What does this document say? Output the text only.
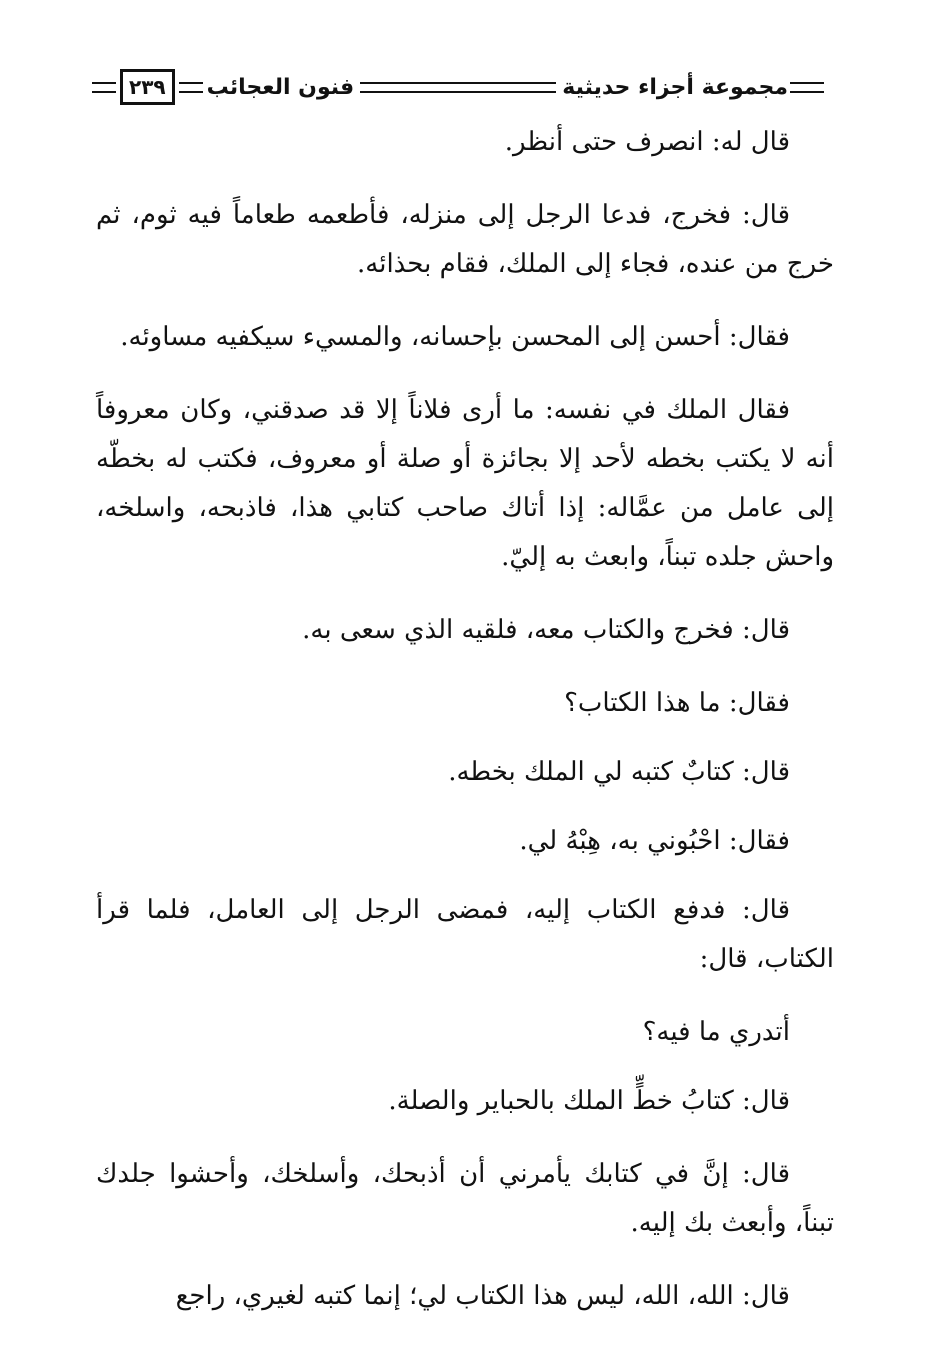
مجموعة أجزاء حديثية
فنون العجائب
٢٣٩

قال له: انصرف حتى أنظر.

قال: فخرج، فدعا الرجل إلى منزله، فأطعمه طعاماً فيه ثوم، ثم خرج من عنده، فجاء إلى الملك، فقام بحذائه.

فقال: أحسن إلى المحسن بإحسانه، والمسيء سيكفيه مساوئه.

فقال الملك في نفسه: ما أرى فلاناً إلا قد صدقني، وكان معروفاً أنه لا يكتب بخطه لأحد إلا بجائزة أو صلة أو معروف، فكتب له بخطّه إلى عامل من عمَّاله: إذا أتاك صاحب كتابي هذا، فاذبحه، واسلخه، واحش جلده تبناً، وابعث به إليّ.

قال: فخرج والكتاب معه، فلقيه الذي سعى به.

فقال: ما هذا الكتاب؟

قال: كتابٌ كتبه لي الملك بخطه.

فقال: احْبُوني به، هِبْهُ لي.

قال: فدفع الكتاب إليه، فمضى الرجل إلى العامل، فلما قرأ الكتاب، قال:

أتدري ما فيه؟

قال: كتابُ خطٍّ الملك بالحباير والصلة.

قال: إنَّ في كتابك يأمرني أن أذبحك، وأسلخك، وأحشوا جلدك تبناً، وأبعث بك إليه.

قال: الله، الله، ليس هذا الكتاب لي؛ إنما كتبه لغيري، راجع
